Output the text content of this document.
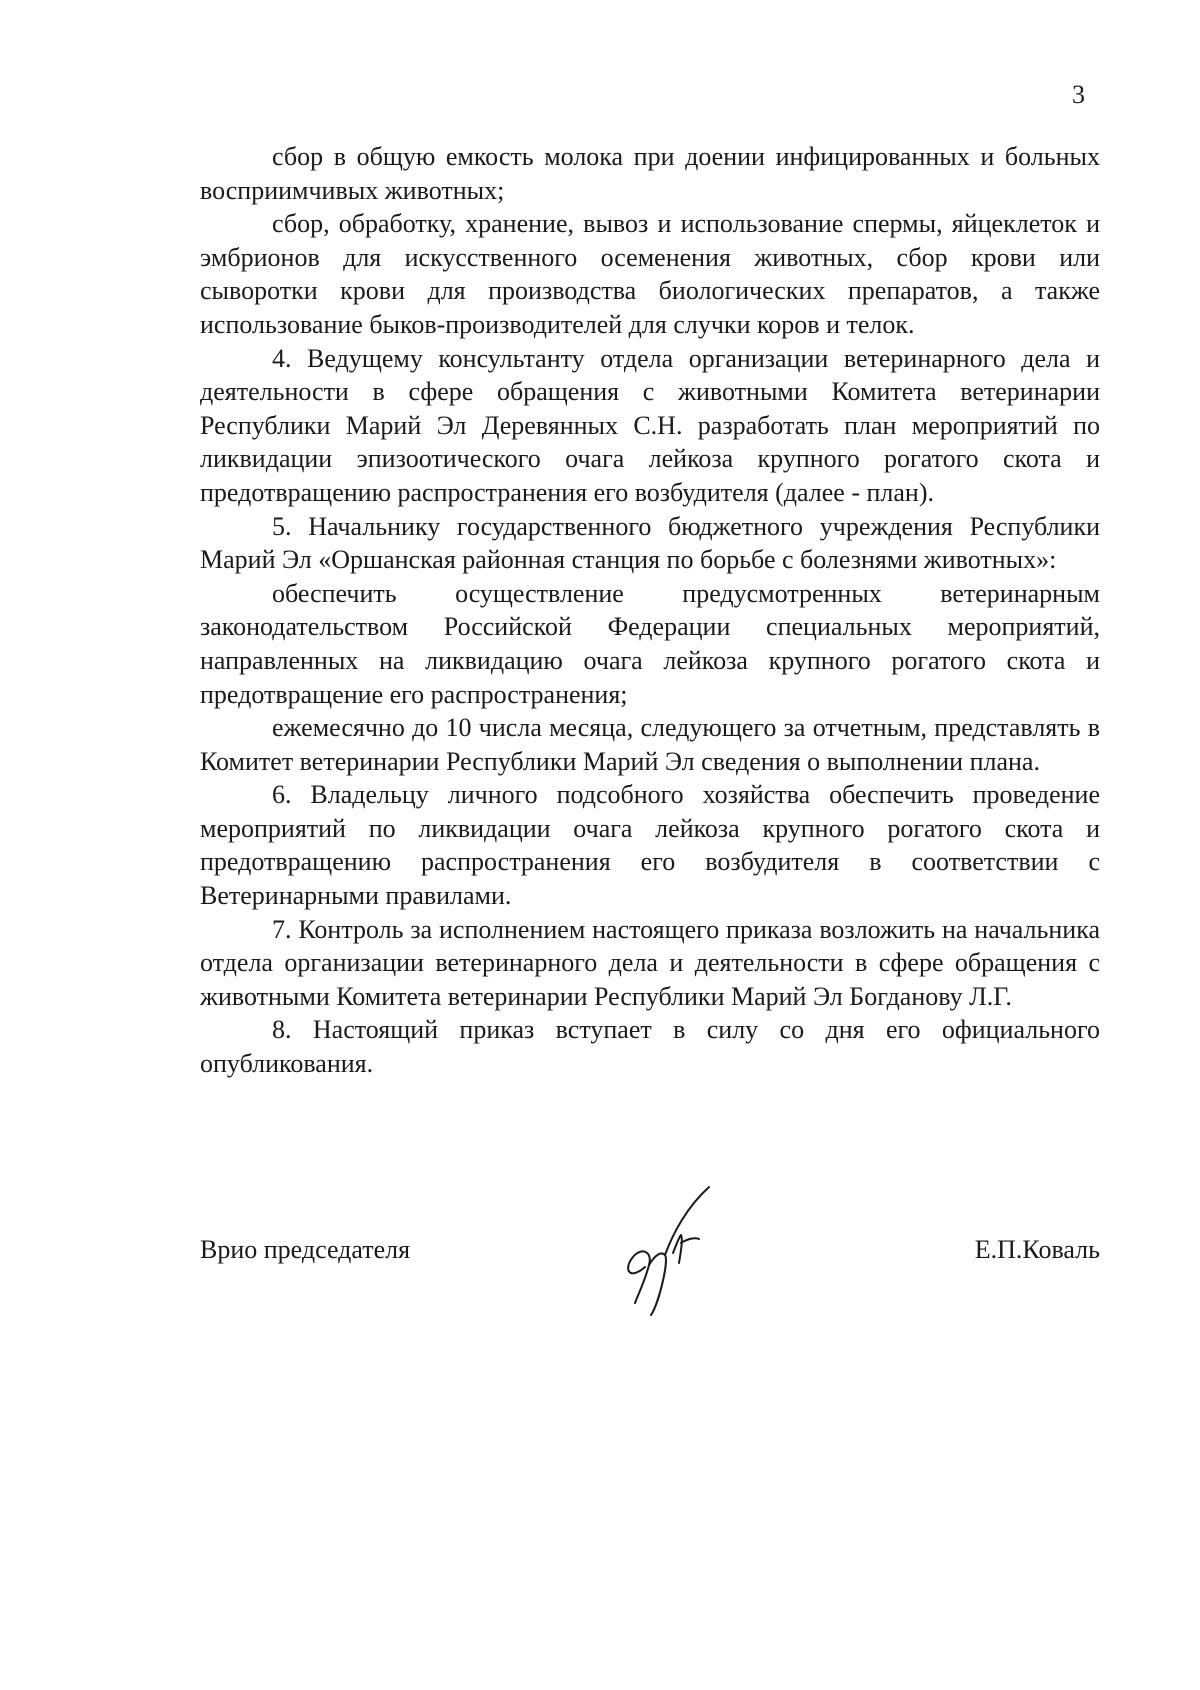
3

сбор в общую емкость молока при доении инфицированных и больных восприимчивых животных;

сбор, обработку, хранение, вывоз и использование спермы, яйцеклеток и эмбрионов для искусственного осеменения животных, сбор крови или сыворотки крови для производства биологических препаратов, а также использование быков-производителей для случки коров и телок.

4. Ведущему консультанту отдела организации ветеринарного дела и деятельности в сфере обращения с животными Комитета ветеринарии Республики Марий Эл Деревянных С.Н. разработать план мероприятий по ликвидации эпизоотического очага лейкоза крупного рогатого скота и предотвращению распространения его возбудителя (далее - план).

5. Начальнику государственного бюджетного учреждения Республики Марий Эл «Оршанская районная станция по борьбе с болезнями животных»:

обеспечить осуществление предусмотренных ветеринарным законодательством Российской Федерации специальных мероприятий, направленных на ликвидацию очага лейкоза крупного рогатого скота и предотвращение его распространения;

ежемесячно до 10 числа месяца, следующего за отчетным, представлять в Комитет ветеринарии Республики Марий Эл сведения о выполнении плана.

6. Владельцу личного подсобного хозяйства обеспечить проведение мероприятий по ликвидации очага лейкоза крупного рогатого скота и предотвращению распространения его возбудителя в соответствии с Ветеринарными правилами.

7. Контроль за исполнением настоящего приказа возложить на начальника отдела организации ветеринарного дела и деятельности в сфере обращения с животными Комитета ветеринарии Республики Марий Эл Богданову Л.Г.

8. Настоящий приказ вступает в силу со дня его официального опубликования.

Врио председателя	Е.П.Коваль
